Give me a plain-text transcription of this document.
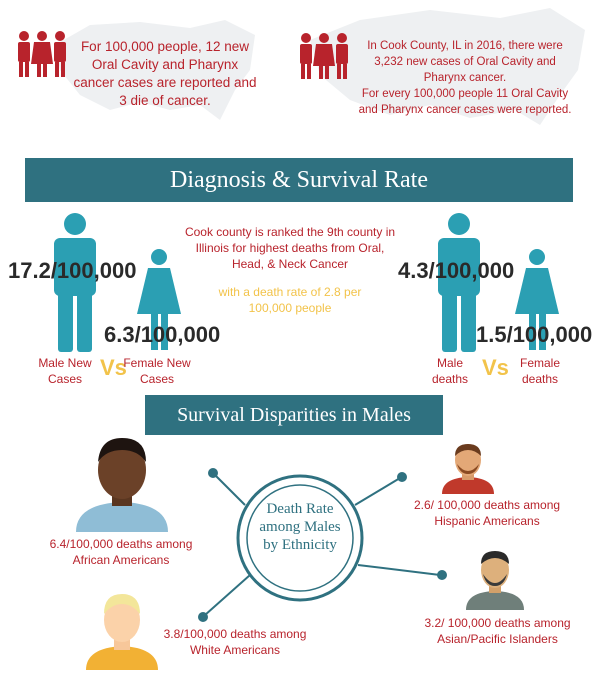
For 100,000 people, 12 new Oral Cavity and Pharynx cancer cases are reported and 3 die of cancer.
In Cook County, IL in 2016, there were 3,232 new cases of Oral Cavity and Pharynx cancer.
For every 100,000 people 11 Oral Cavity and Pharynx cancer cases were reported.
Diagnosis & Survival Rate
17.2/100,000
6.3/100,000
Male New Cases Vs
Female New Cases
Cook county is ranked the 9th county in Illinois for highest deaths from Oral, Head, & Neck Cancer
with a death rate of 2.8 per 100,000 people
4.3/100,000
1.5/100,000
Male deaths Vs Female deaths
Survival Disparities in Males
Death Rate among Males by Ethnicity
6.4/100,000 deaths among African Americans
3.8/100,000 deaths among White Americans
2.6/ 100,000 deaths among Hispanic Americans
3.2/ 100,000 deaths among Asian/Pacific Islanders
